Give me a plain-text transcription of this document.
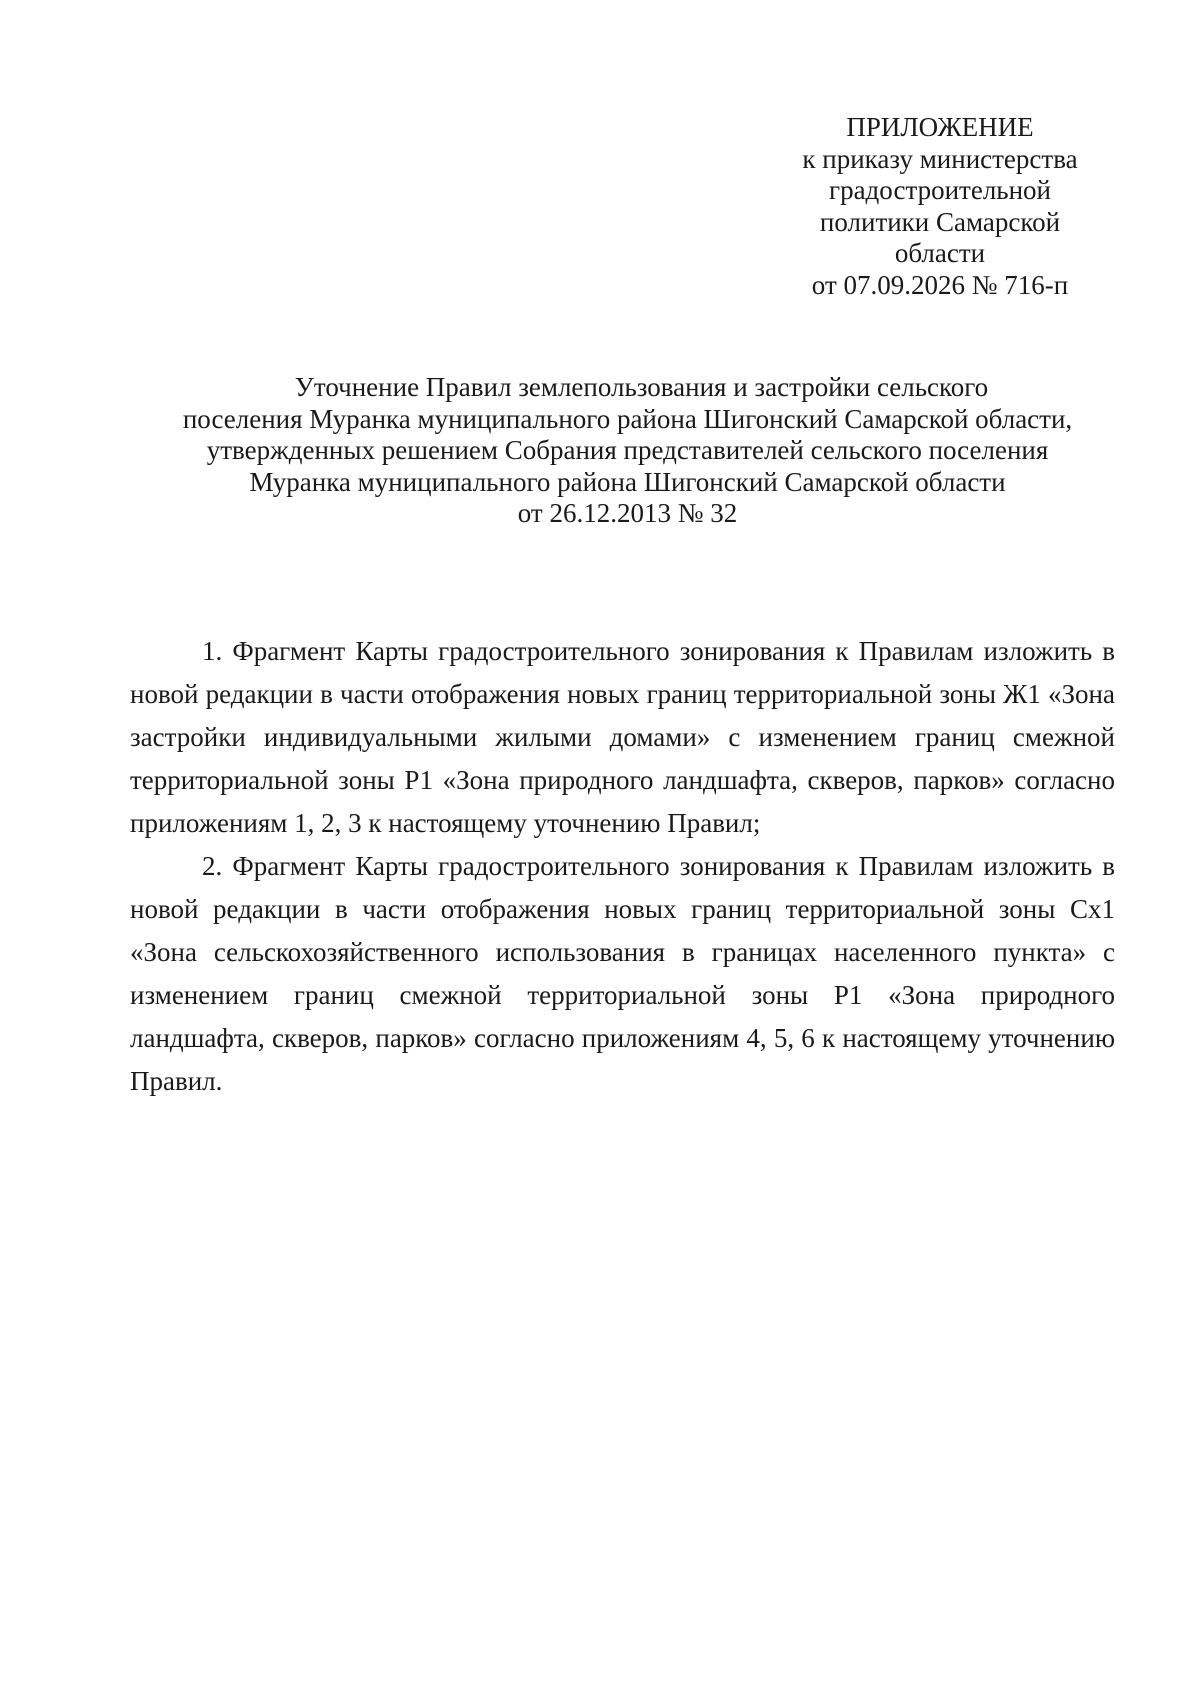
ПРИЛОЖЕНИЕ
к приказу министерства
градостроительной
политики Самарской
области
от 07.09.2026 № 716-п
Уточнение Правил землепользования и застройки сельского
поселения Муранка муниципального района Шигонский Самарской области,
утвержденных решением Собрания представителей сельского поселения
Муранка муниципального района Шигонский Самарской области
от 26.12.2013 № 32

1. Фрагмент Карты градостроительного зонирования к Правилам изложить в новой редакции в части отображения новых границ территориальной зоны Ж1 «Зона застройки индивидуальными жилыми домами» с изменением границ смежной территориальной зоны Р1 «Зона природного ландшафта, скверов, парков» согласно приложениям 1, 2, 3 к настоящему уточнению Правил;

2. Фрагмент Карты градостроительного зонирования к Правилам изложить в новой редакции в части отображения новых границ территориальной зоны Сх1 «Зона сельскохозяйственного использования в границах населенного пункта» с изменением границ смежной территориальной зоны Р1 «Зона природного ландшафта, скверов, парков» согласно приложениям 4, 5, 6 к настоящему уточнению Правил.
